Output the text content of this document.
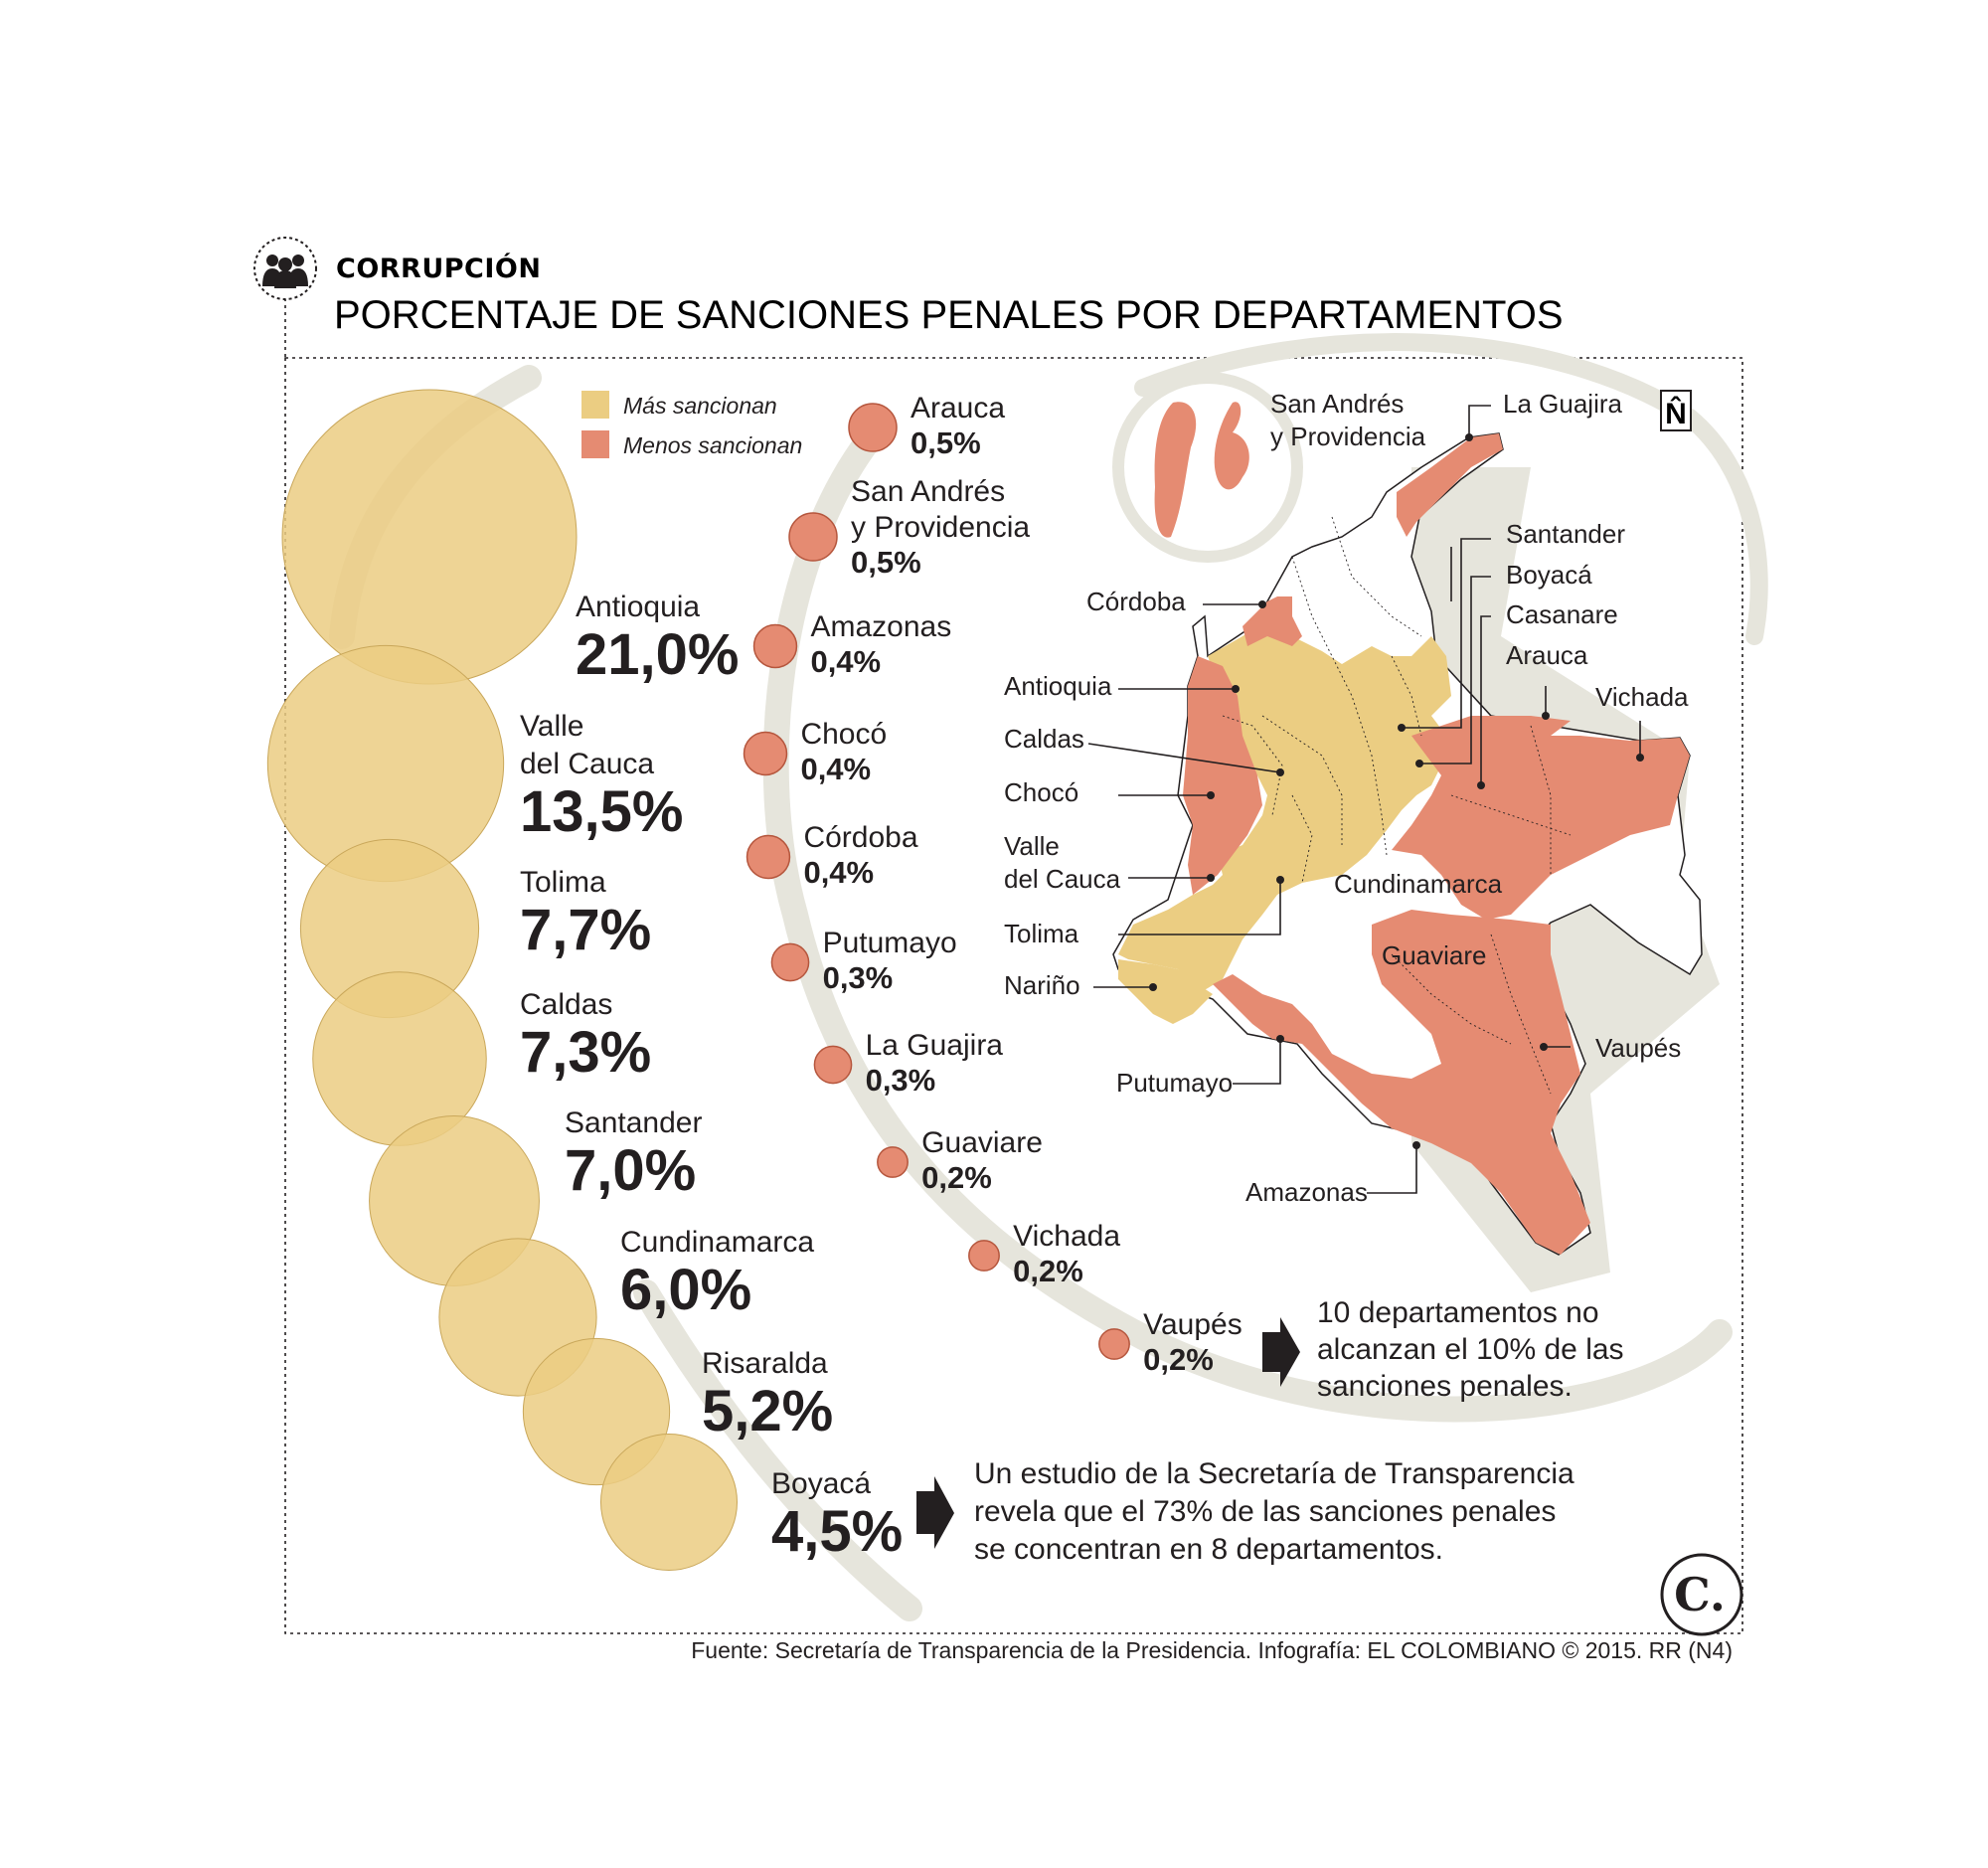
CORRUPCIÓN
PORCENTAJE DE SANCIONES PENALES POR DEPARTAMENTOS
Más sancionan
Menos sancionan
Antioquia
21,0%
Valle
del Cauca
13,5%
Tolima
7,7%
Caldas
7,3%
Santander
7,0%
Cundinamarca
6,0%
Risaralda
5,2%
Boyacá
4,5%
Arauca
0,5%
San Andrés
y Providencia
0,5%
Amazonas
0,4%
Chocó
0,4%
Córdoba
0,4%
Putumayo
0,3%
La Guajira
0,3%
Guaviare
0,2%
Vichada
0,2%
Vaupés
0,2%
San Andrés
y Providencia
N̂
La Guajira
Santander
Boyacá
Casanare
Arauca
Vichada
Vaupés
Amazonas
Putumayo
Guaviare
Cundinamarca
Córdoba
Antioquia
Caldas
Chocó
Valle
del Cauca
Tolima
Nariño
10 departamentos no
alcanzan el 10% de las
sanciones penales.
Un estudio de la Secretaría de Transparencia
revela que el 73% de las sanciones penales
se concentran en 8 departamentos.
C.
Fuente: Secretaría de Transparencia de la Presidencia. Infografía: EL COLOMBIANO © 2015. RR (N4)
